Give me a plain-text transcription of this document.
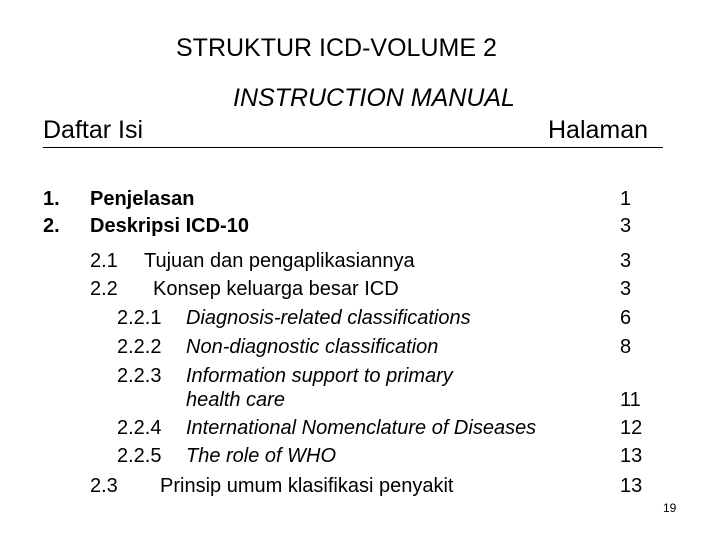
STRUKTUR ICD-VOLUME 2
INSTRUCTION MANUAL
Daftar Isi	Halaman
1. Penjelasan	1
2. Deskripsi ICD-10	3
2.1 Tujuan dan pengaplikasiannya	3
2.2 Konsep keluarga besar ICD	3
2.2.1 Diagnosis-related classifications	6
2.2.2 Non-diagnostic classification	8
2.2.3 Information support to primary
health care	11
2.2.4 International Nomenclature of Diseases	12
2.2.5 The role of WHO	13
2.3 Prinsip umum klasifikasi penyakit	13
19
